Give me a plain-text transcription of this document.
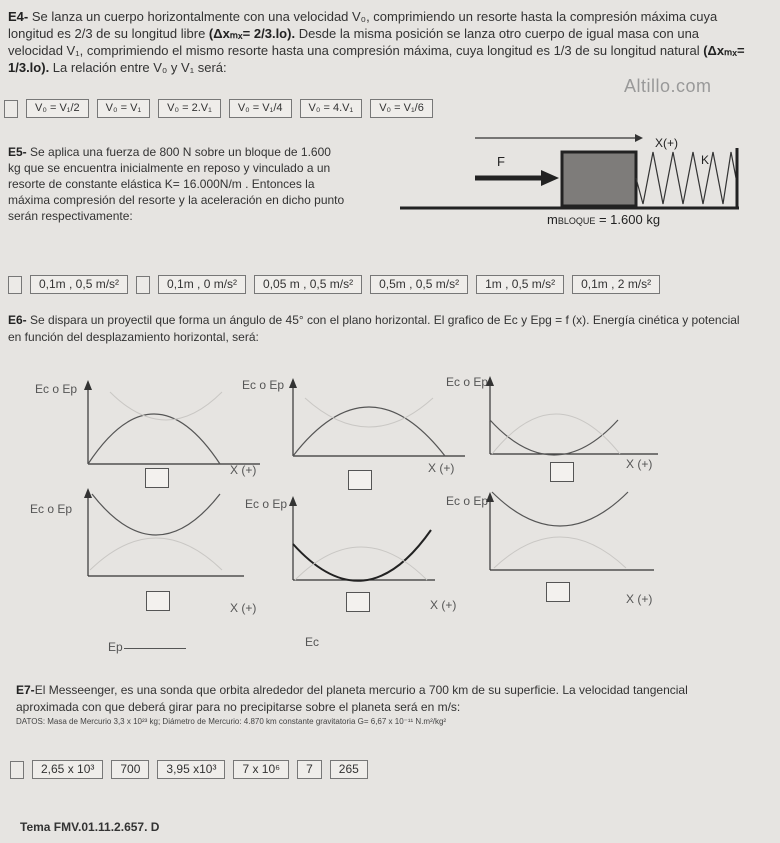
Altillo.com
E4- Se lanza un cuerpo horizontalmente con una velocidad V₀, comprimiendo un resorte hasta la compresión máxima cuya
longitud es 2/3 de su longitud libre (Δxₘₓ= 2/3.lo). Desde la misma posición se lanza otro cuerpo de igual masa con una
velocidad V₁, comprimiendo el mismo resorte hasta una compresión máxima, cuya longitud es 1/3 de su longitud natural (Δxₘₓ=
1/3.lo). La relación entre V₀ y V₁ será:
V₀ = V₁/2	V₀ = V₁	V₀ = 2.V₁	V₀ = V₁/4	V₀ = 4.V₁	V₀ = V₁/6
E5- Se aplica una fuerza de 800 N sobre un bloque de 1.600
kg que se encuentra inicialmente en reposo y vinculado a un
resorte de constante elástica K= 16.000N/m . Entonces la
máxima compresión del resorte y la aceleración en dicho punto
serán respectivamente:
X(+)
F	K
mBLOQUE = 1.600 kg
0,1m , 0,5 m/s²	0,1m , 0 m/s²	0,05 m , 0,5 m/s²	0,5m , 0,5 m/s²	1m , 0,5 m/s²	0,1m , 2 m/s²
E6- Se dispara un proyectil que forma un ángulo de 45° con el plano horizontal. El grafico de Ec y Epg = f (x). Energía cinética y potencial
en función del desplazamiento horizontal, será:
Ec o Ep
X (+)
Ec o Ep
X (+)
Ec o Ep
X (+)
Ec o Ep
X (+)
Ec o Ep
X (+)
Ec o Ep
X (+)
Ep	Ec
E7-El Messeenger, es una sonda que orbita alrededor del planeta mercurio a 700 km de su superficie. La velocidad tangencial
aproximada con que deberá girar para no precipitarse sobre el planeta será en m/s:
DATOS: Masa de Mercurio 3,3 x 10²³ kg; Diámetro de Mercurio: 4.870 km constante gravitatoria G= 6,67 x 10⁻¹¹ N.m²/kg²
2,65 x 10³	700	3,95 x10³	7 x 10⁶	7	265
Tema FMV.01.11.2.657. D
